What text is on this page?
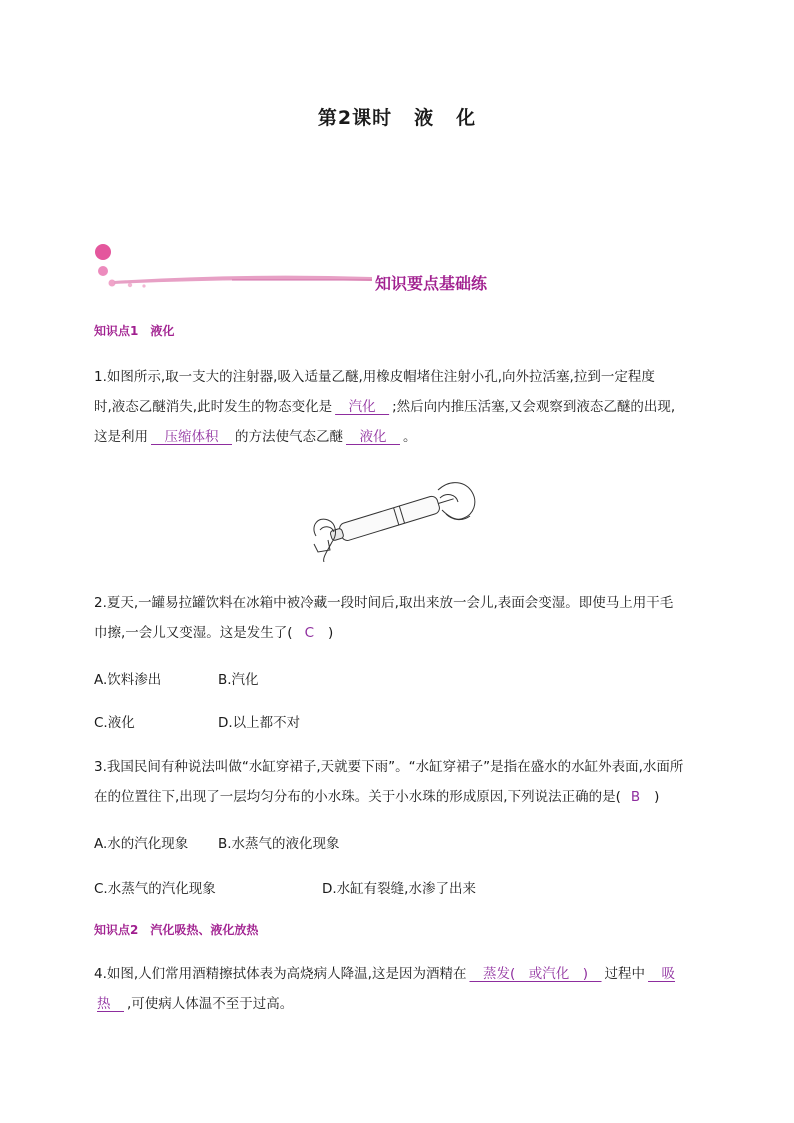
第2课时 液 化
知识要点基础练
知识点1　液化
1.如图所示,取一支大的注射器,吸入适量乙醚,用橡皮帽堵住注射小孔,向外拉活塞,拉到一定程度
时,液态乙醚消失,此时发生的物态变化是　汽化　;然后向内推压活塞,又会观察到液态乙醚的出现,
这是利用　压缩体积　的方法使气态乙醚　液化　。
2.夏天,一罐易拉罐饮料在冰箱中被冷藏一段时间后,取出来放一会儿,表面会变湿。即使马上用干毛
巾擦,一会儿又变湿。这是发生了( C )
A.饮料渗出	B.汽化
C.液化	D.以上都不对
3.我国民间有种说法叫做“水缸穿裙子,天就要下雨”。“水缸穿裙子”是指在盛水的水缸外表面,水面所
在的位置往下,出现了一层均匀分布的小水珠。关于小水珠的形成原因,下列说法正确的是( B )
A.水的汽化现象 B.水蒸气的液化现象
C.水蒸气的汽化现象	D.水缸有裂缝,水渗了出来
知识点2　汽化吸热、液化放热
4.如图,人们常用酒精擦拭体表为高烧病人降温,这是因为酒精在　蒸发(　或汽化　)　过程中　吸
热　,可使病人体温不至于过高。
